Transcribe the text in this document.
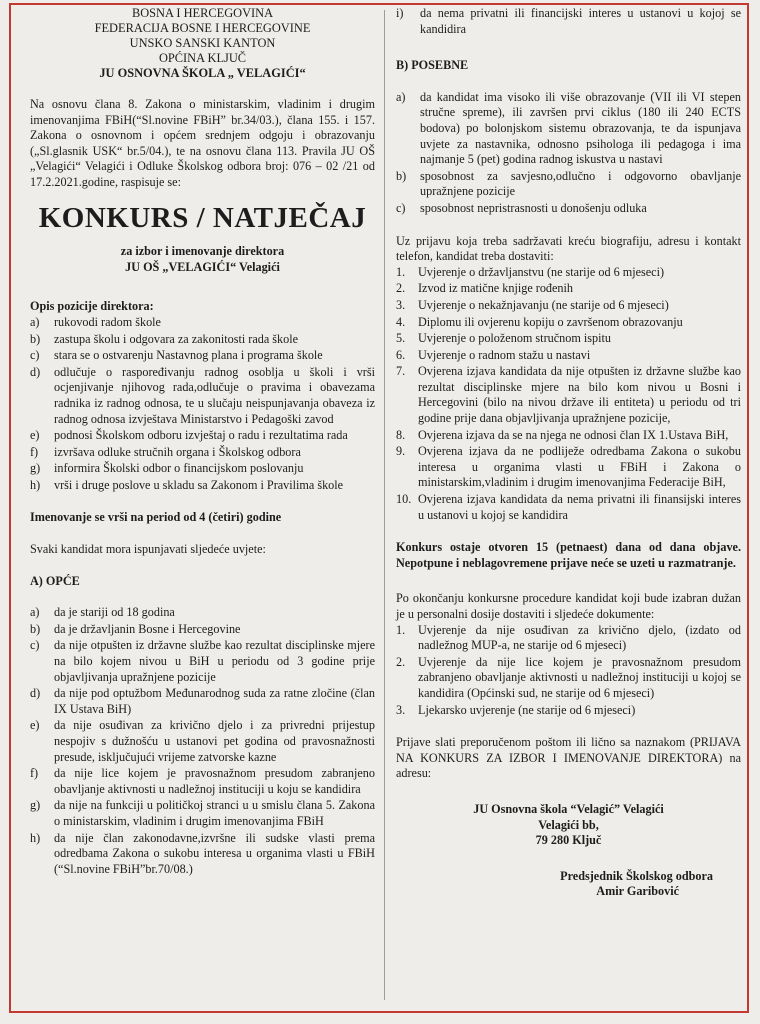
BOSNA I HERCEGOVINA
FEDERACIJA BOSNE I HERCEGOVINE
UNSKO SANSKI KANTON
OPĆINA KLJUČ
JU OSNOVNA ŠKOLA „ VELAGIĆI“
Na osnovu člana 8. Zakona o ministarskim, vladinim i drugim imenovanjima FBiH(“Sl.novine FBiH” br.34/03.), člana 155. i 157. Zakona o osnovnom i općem srednjem odgoju i obrazovanju („Sl.glasnik USK“ br.5/04.), te na osnovu člana 113. Pravila JU OŠ „Velagići“ Velagići i Odluke Školskog odbora broj: 076 – 02 /21 od 17.2.2021.godine, raspisuje se:
KONKURS / NATJEČAJ
za izbor i imenovanje direktora
JU OŠ „VELAGIĆI“ Velagići
Opis pozicije direktora:
a)	rukovodi radom škole
b)	zastupa školu i odgovara za zakonitosti rada škole
c)	stara se o ostvarenju Nastavnog plana i programa škole
d)	odlučuje o raspoređivanju radnog osoblja u školi i vrši ocjenjivanje njihovog rada,odlučuje o pravima i obavezama radnika iz radnog odnosa, te u slučaju neispunjavanja obaveza iz radnog odnosa izvještava Ministarstvo i Pedagoški zavod
e)	podnosi Školskom odboru izvještaj o radu i rezultatima rada
f)	izvršava odluke stručnih organa i Školskog odbora
g)	informira Školski odbor o financijskom poslovanju
h)	vrši i druge poslove u skladu sa Zakonom i Pravilima škole
Imenovanje se vrši na period od 4 (četiri) godine
Svaki kandidat mora ispunjavati sljedeće uvjete:
A) OPĆE
a)	da je stariji od 18 godina
b)	da je državljanin Bosne i Hercegovine
c)	da nije otpušten iz državne službe kao rezultat disciplinske mjere na bilo kojem nivou u BiH u periodu od 3 godine prije objavljivanja upražnjene pozicije
d)	da nije pod optužbom Međunarodnog suda za ratne zločine (član IX Ustava BiH)
e)	da nije osuđivan za krivično djelo i za privredni prijestup nespojiv s dužnošću u ustanovi pet godina od pravosnažnosti presude, isključujući vrijeme zatvorske kazne
f)	da nije lice kojem je pravosnažnom presudom zabranjeno obavljanje aktivnosti u nadležnoj instituciji u koju se kandidira
g)	da nije na funkciji u političkoj stranci u u smislu člana 5. Zakona o ministarskim, vladinim i drugim imenovanjima FBiH
h)	da nije član zakonodavne,izvršne ili sudske vlasti prema odredbama Zakona o sukobu interesa u organima vlasti u FBiH (“Sl.novine FBiH”br.70/08.)
i)	da nema privatni ili financijski interes u ustanovi u kojoj se kandidira
B) POSEBNE
a)	da kandidat ima visoko ili više obrazovanje (VII ili VI stepen stručne spreme), ili završen prvi ciklus (180 ili 240 ECTS bodova) po bolonjskom sistemu obrazovanja, te da ispunjava uvjete za nastavnika, odnosno psihologa ili pedagoga i ima najmanje 5 (pet) godina radnog iskustva u nastavi
b)	sposobnost za savjesno,odlučno i odgovorno obavljanje upražnjene pozicije
c)	sposobnost nepristrasnosti u donošenju odluka
Uz prijavu koja treba sadržavati kreću biografiju, adresu i kontakt telefon, kandidat treba dostaviti:
1.	Uvjerenje o državljanstvu (ne starije od 6 mjeseci)
2.	Izvod iz matične knjige rođenih
3.	Uvjerenje o nekažnjavanju (ne starije od 6 mjeseci)
4.	Diplomu ili ovjerenu kopiju o završenom obrazovanju
5.	Uvjerenje o položenom stručnom ispitu
6.	Uvjerenje o radnom stažu u nastavi
7.	Ovjerena izjava kandidata da nije otpušten iz državne službe kao rezultat disciplinske mjere na bilo kom nivou u Bosni i Hercegovini (bilo na nivou države ili entiteta) u periodu od tri godine prije dana objavljivanja upražnjene pozicije,
8.	Ovjerena izjava da se na njega ne odnosi član IX 1.Ustava BiH,
9.	Ovjerena izjava da ne podliježe odredbama Zakona o sukobu interesa u organima vlasti u FBiH i Zakona o ministarskim,vladinim i drugim imenovanjima Federacije BiH,
10. Ovjerena izjava kandidata da nema privatni ili finansijski interes u ustanovi u kojoj se kandidira
Konkurs ostaje otvoren 15 (petnaest) dana od dana objave. Nepotpune i neblagovremene prijave neće se uzeti u razmatranje.
Po okončanju konkursne procedure kandidat koji bude izabran dužan je u personalni dosije dostaviti i sljedeće dokumente:
1.	Uvjerenje da nije osuđivan za krivično djelo, (izdato od nadležnog MUP-a, ne starije od 6 mjeseci)
2.	Uvjerenje da nije lice kojem je pravosnažnom presudom zabranjeno obavljanje aktivnosti u nadležnoj instituciji u kojoj se kandidira (Općinski sud, ne starije od 6 mjeseci)
3.	Ljekarsko uvjerenje (ne starije od 6 mjeseci)
Prijave slati preporučenom poštom ili lično sa naznakom (PRIJAVA NA KONKURS ZA IZBOR I IMENOVANJE DIREKTORA) na adresu:
JU Osnovna škola “Velagić” Velagići
Velagići bb,
79 280 Ključ
Predsjednik Školskog odbora
Amir Garibović
